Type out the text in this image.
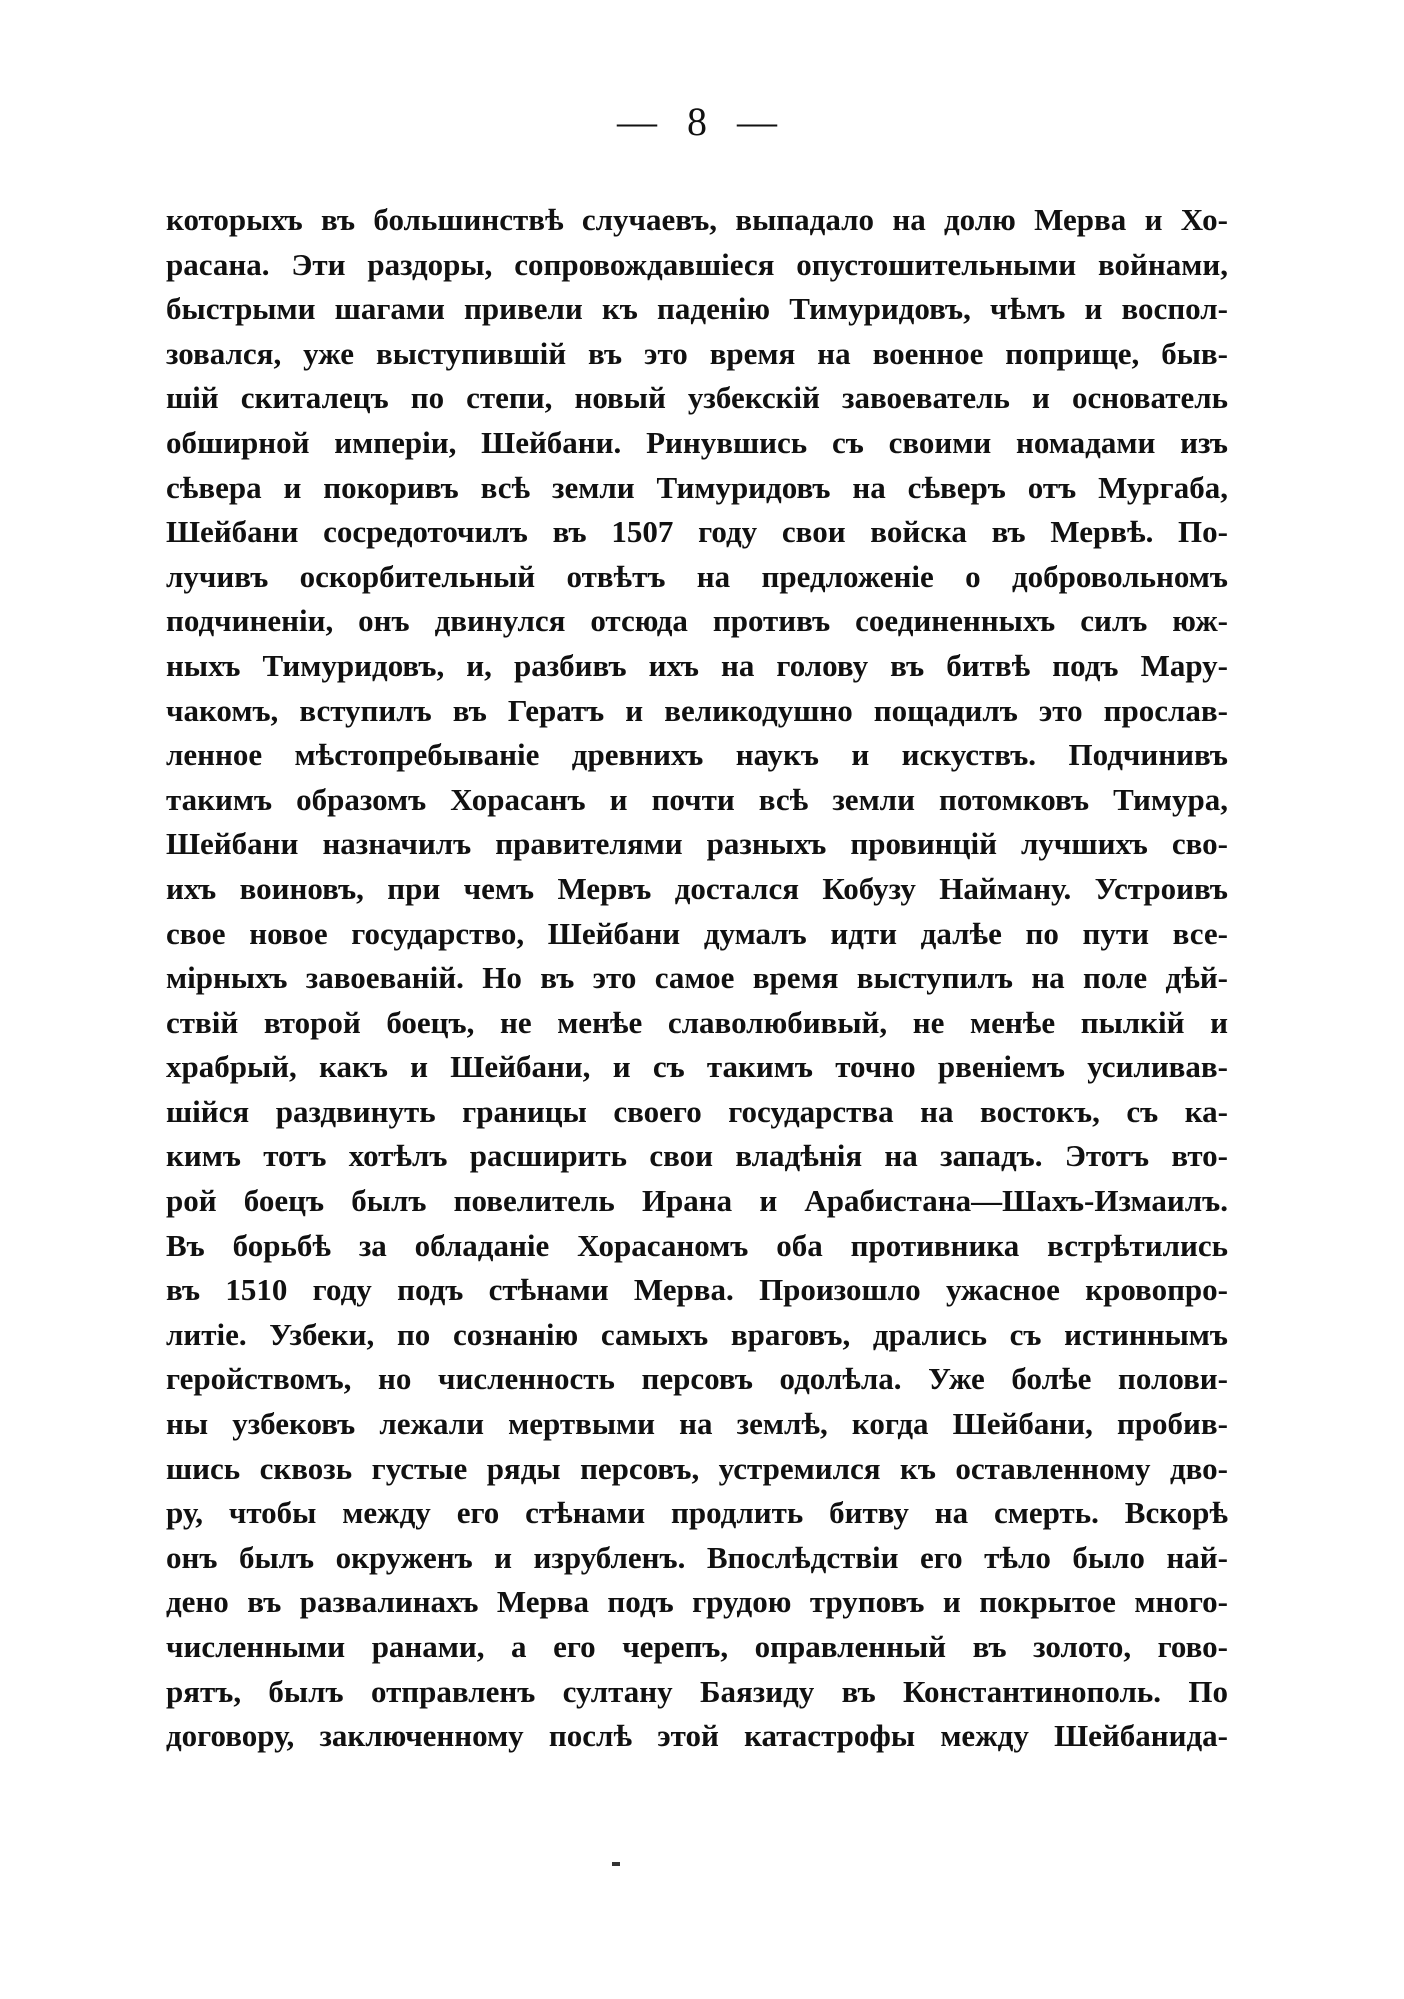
— 8 —
которыхъ въ большинствѣ случаевъ, выпадало на долю Мерва и Хо-
расана. Эти раздоры, сопровождавшіеся опустошительными войнами,
быстрыми шагами привели къ паденію Тимуридовъ, чѣмъ и воспол-
зовался, уже выступившій въ это время на военное поприще, быв-
шій скиталецъ по степи, новый узбекскій завоеватель и основатель
обширной имперіи, Шейбани. Ринувшись съ своими номадами изъ
сѣвера и покоривъ всѣ земли Тимуридовъ на сѣверъ отъ Мургаба,
Шейбани сосредоточилъ въ 1507 году свои войска въ Мервѣ. По-
лучивъ оскорбительный отвѣтъ на предложеніе о добровольномъ
подчиненіи, онъ двинулся отсюда противъ соединенныхъ силъ юж-
ныхъ Тимуридовъ, и, разбивъ ихъ на голову въ битвѣ подъ Мару-
чакомъ, вступилъ въ Гератъ и великодушно пощадилъ это прослав-
ленное мѣстопребываніе древнихъ наукъ и искуствъ. Подчинивъ
такимъ образомъ Хорасанъ и почти всѣ земли потомковъ Тимура,
Шейбани назначилъ правителями разныхъ провинцій лучшихъ сво-
ихъ воиновъ, при чемъ Мервъ достался Кобузу Найману. Устроивъ
свое новое государство, Шейбани думалъ идти далѣе по пути все-
мірныхъ завоеваній. Но въ это самое время выступилъ на поле дѣй-
ствій второй боецъ, не менѣе славолюбивый, не менѣе пылкій и
храбрый, какъ и Шейбани, и съ такимъ точно рвеніемъ усиливав-
шійся раздвинуть границы своего государства на востокъ, съ ка-
кимъ тотъ хотѣлъ расширить свои владѣнія на западъ. Этотъ вто-
рой боецъ былъ повелитель Ирана и Арабистана—Шахъ-Измаилъ.
Въ борьбѣ за обладаніе Хорасаномъ оба противника встрѣтились
въ 1510 году подъ стѣнами Мерва. Произошло ужасное кровопро-
литіе. Узбеки, по сознанію самыхъ враговъ, дрались съ истиннымъ
геройствомъ, но численность персовъ одолѣла. Уже болѣе полови-
ны узбековъ лежали мертвыми на землѣ, когда Шейбани, пробив-
шись сквозь густые ряды персовъ, устремился къ оставленному дво-
ру, чтобы между его стѣнами продлить битву на смерть. Вскорѣ
онъ былъ окруженъ и изрубленъ. Впослѣдствіи его тѣло было най-
дено въ развалинахъ Мерва подъ грудою труповъ и покрытое много-
численными ранами, а его черепъ, оправленный въ золото, гово-
рятъ, былъ отправленъ султану Баязиду въ Константинополь. По
договору, заключенному послѣ этой катастрофы между Шейбанида-
